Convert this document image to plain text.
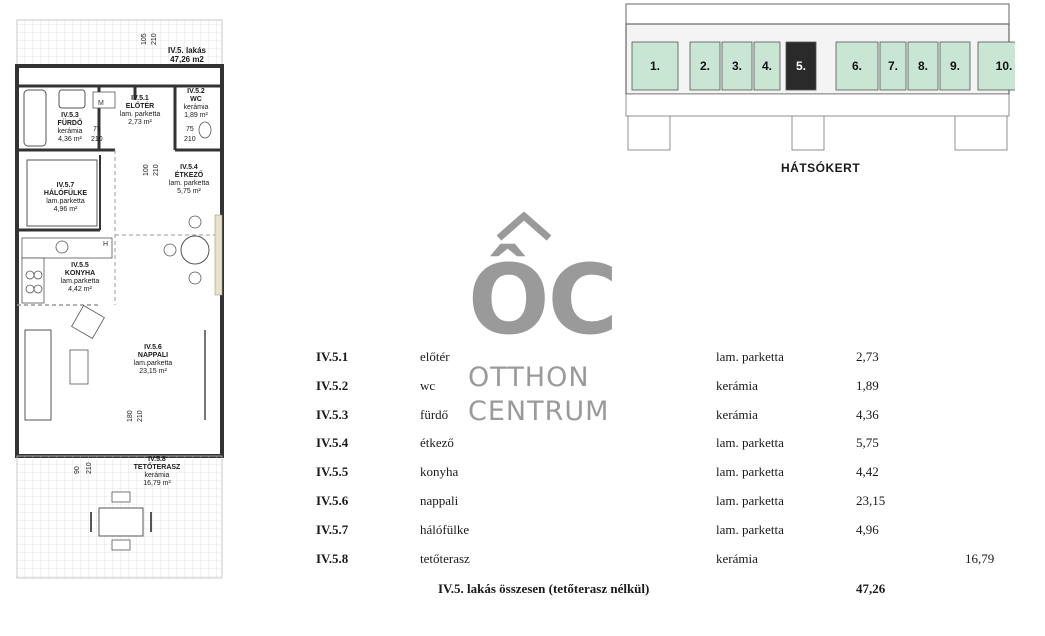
IV.5. lakás
47,26 m2
M
H
105 210
75
210
75
210
100 210
180 210
90 210
IV.5.1
ELŐTÉR
lam. parketta
2,73 m²
IV.5.2
WC
kerámia
1,89 m²
IV.5.3
FÜRDŐ
kerámia
4,36 m²
IV.5.4
ÉTKEZŐ
lam. parketta
5,75 m²
IV.5.5
KONYHA
lam.parketta
4,42 m²
IV.5.6
NAPPALI
lam.parketta
23,15 m²
IV.5.7
HÁLÓFÜLKE
lam.parketta
4,96 m²
IV.5.8
TETŐTERASZ
kerámia
16,79 m²
1.	2. 3. 4. 5.	6. 7. 8. 9.	10.
HÁTSÓKERT
ÔC
OTTHON
CENTRUM
IV.5.1	előtér	lam. parketta	2,73
IV.5.2	wc	kerámia	1,89
IV.5.3	fürdő	kerámia	4,36
IV.5.4	étkező	lam. parketta	5,75
IV.5.5	konyha	lam. parketta	4,42
IV.5.6	nappali	lam. parketta	23,15
IV.5.7	hálófülke	lam. parketta	4,96
IV.5.8	tetőterasz	kerámia	16,79
IV.5. lakás összesen (tetőterasz nélkül)	47,26
